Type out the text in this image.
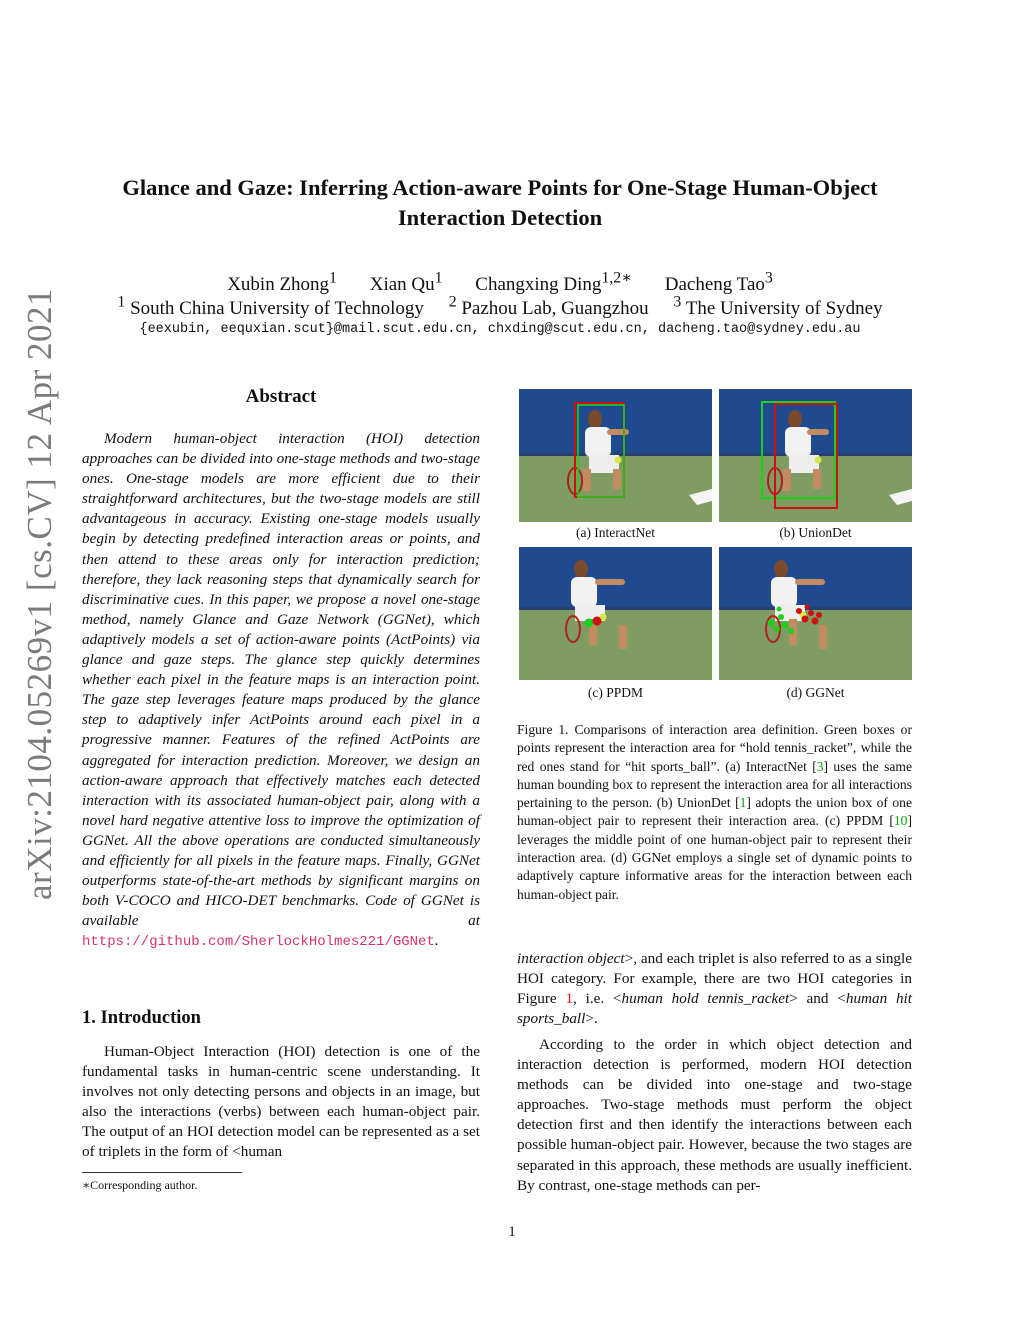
Glance and Gaze: Inferring Action-aware Points for One-Stage Human-Object
Interaction Detection
Xubin Zhong$^1$ Xian Qu$^1$ Changxing Ding$^{1,2∗}$ Dacheng Tao$^3$
$^1$ South China University of Technology $^2$ Pazhou Lab, Guangzhou $^3$ The University of Sydney
{eexubin, eequxian.scut}@mail.scut.edu.cn, chxding@scut.edu.cn, dacheng.tao@sydney.edu.au
arXiv:2104.05269v1 [cs.CV] 12 Apr 2021	Abstract

Modern human-object interaction (HOI) detection approaches can be divided into one-stage methods and two-stage ones. One-stage models are more efficient due to their straightforward architectures, but the two-stage models are still advantageous in accuracy. Existing one-stage models usually begin by detecting predefined interaction areas or points, and then attend to these areas only for interaction prediction; therefore, they lack reasoning steps that dynamically search for discriminative cues. In this paper, we propose a novel one-stage method, namely Glance and Gaze Network (GGNet), which adaptively models a set of action-aware points (ActPoints) via glance and gaze steps. The glance step quickly determines whether each pixel in the feature maps is an interaction point. The gaze step leverages feature maps produced by the glance step to adaptively infer ActPoints around each pixel in a progressive manner. Features of the refined ActPoints are aggregated for interaction prediction. Moreover, we design an action-aware approach that effectively matches each detected interaction with its associated human-object pair, along with a novel hard negative attentive loss to improve the optimization of GGNet. All the above operations are conducted simultaneously and efficiently for all pixels in the feature maps. Finally, GGNet outperforms state-of-the-art methods by significant margins on both V-COCO and HICO-DET benchmarks. Code of GGNet is available at https://github.com/SherlockHolmes221/GGNet.

1. Introduction

Human-Object Interaction (HOI) detection is one of the fundamental tasks in human-centric scene understanding. It involves not only detecting persons and objects in an image, but also the interactions (verbs) between each human-object pair. The output of an HOI detection model can be represented as a set of triplets in the form of <human

∗Corresponding author.
(a) InteractNet	(b) UnionDet
(c) PPDM	(d) GGNet

Figure 1. Comparisons of interaction area definition. Green boxes or points represent the interaction area for “hold tennis_racket”, while the red ones stand for “hit sports_ball”. (a) InteractNet [3] uses the same human bounding box to represent the interaction area for all interactions pertaining to the person. (b) UnionDet [1] adopts the union box of one human-object pair to represent their interaction area. (c) PPDM [10] leverages the middle point of one human-object pair to represent their interaction area. (d) GGNet employs a single set of dynamic points to adaptively capture informative areas for the interaction between each human-object pair.

interaction object>, and each triplet is also referred to as a single HOI category. For example, there are two HOI categories in Figure 1, i.e. <human hold tennis_racket> and <human hit sports_ball>.

According to the order in which object detection and interaction detection is performed, modern HOI detection methods can be divided into one-stage and two-stage approaches. Two-stage methods must perform the object detection first and then identify the interactions between each possible human-object pair. However, because the two stages are separated in this approach, these methods are usually inefficient. By contrast, one-stage methods can per-

1
